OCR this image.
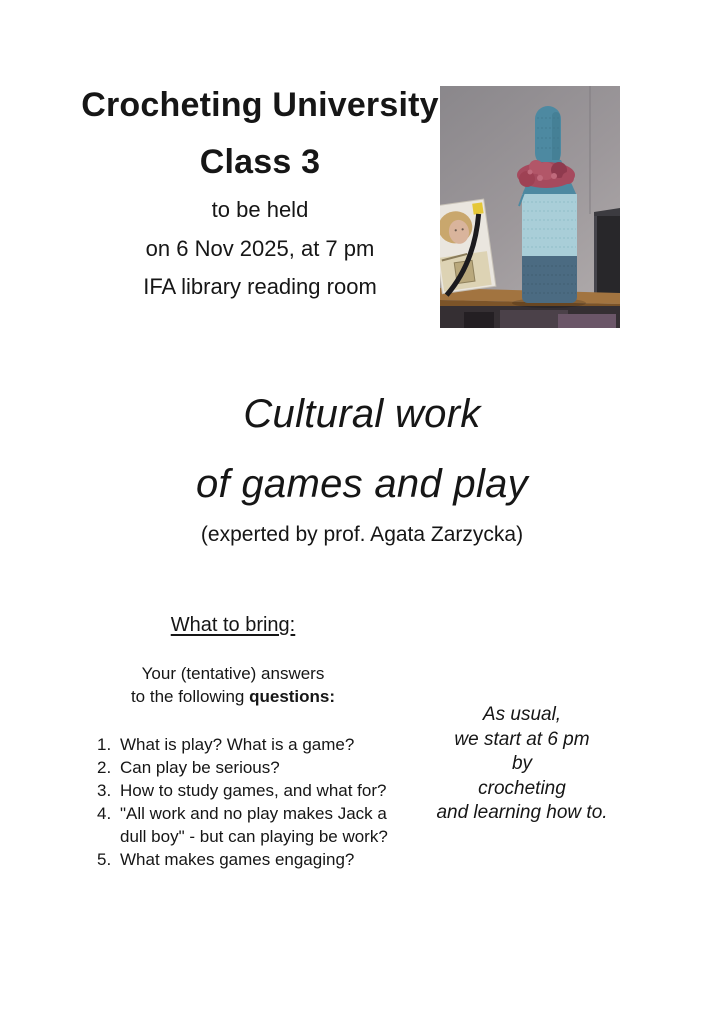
Crocheting University
Class 3
to be held
on 6 Nov 2025, at 7 pm
IFA library reading room
Cultural work
of games and play
(experted by prof. Agata Zarzycka)
What to bring:
Your (tentative) answers
to the following questions:
1. What is play? What is a game?
2. Can play be serious?
3. How to study games, and what for?
4. "All work and no play makes Jack a dull boy" - but can playing be work?
5. What makes games engaging?
As usual,
we start at 6 pm
by
crocheting
and learning how to.
